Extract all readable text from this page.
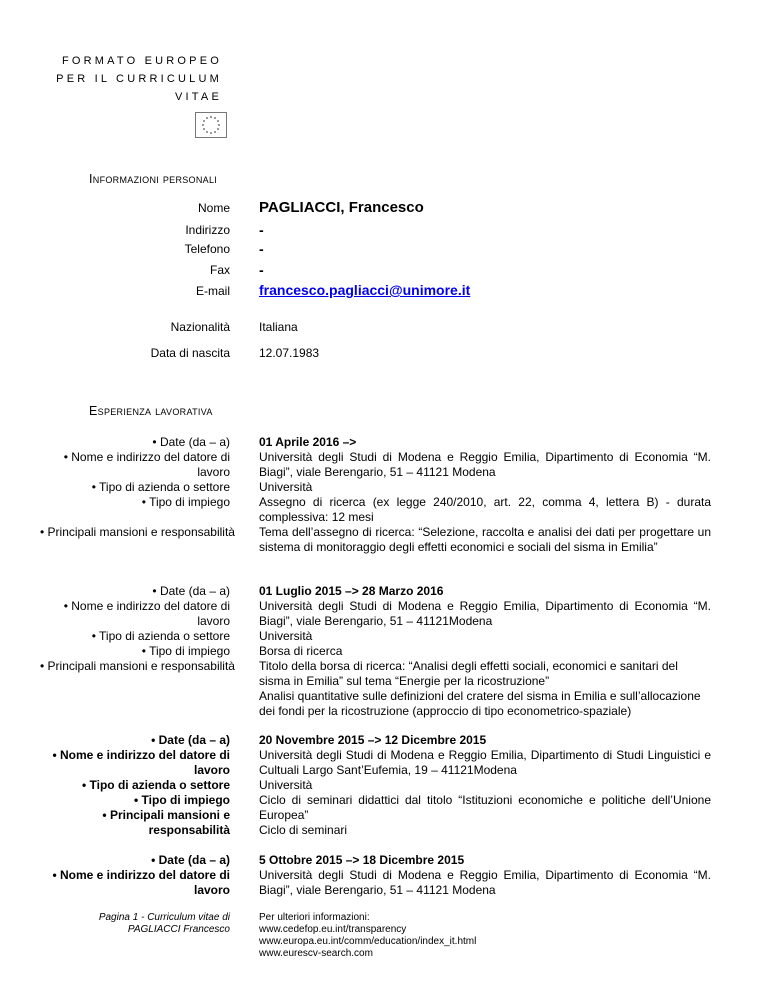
FORMATO EUROPEO
PER IL CURRICULUM
VITAE
Informazioni personali
Nome PAGLIACCI, Francesco
Indirizzo -
Telefono -
Fax -
E-mail francesco.pagliacci@unimore.it
Nazionalità Italiana
Data di nascita 12.07.1983
Esperienza lavorativa
• Date (da – a)
• Nome e indirizzo del datore di
lavoro
• Tipo di azienda o settore
• Tipo di impiego
• Principali mansioni e responsabilità
01 Aprile 2016 –>
Università degli Studi di Modena e Reggio Emilia, Dipartimento di Economia “M. Biagi”, viale Berengario, 51 – 41121 Modena
Università
Assegno di ricerca (ex legge 240/2010, art. 22, comma 4, lettera B) - durata complessiva: 12 mesi
Tema dell’assegno di ricerca: “Selezione, raccolta e analisi dei dati per progettare un sistema di monitoraggio degli effetti economici e sociali del sisma in Emilia”
• Date (da – a)
• Nome e indirizzo del datore di
lavoro
• Tipo di azienda o settore
• Tipo di impiego
• Principali mansioni e responsabilità
01 Luglio 2015 –> 28 Marzo 2016
Università degli Studi di Modena e Reggio Emilia, Dipartimento di Economia “M. Biagi”, viale Berengario, 51 – 41121Modena
Università
Borsa di ricerca
Titolo della borsa di ricerca: “Analisi degli effetti sociali, economici e sanitari del sisma in Emilia” sul tema “Energie per la ricostruzione”
Analisi quantitative sulle definizioni del cratere del sisma in Emilia e sull’allocazione dei fondi per la ricostruzione (approccio di tipo econometrico-spaziale)
• Date (da – a)
• Nome e indirizzo del datore di
lavoro
• Tipo di azienda o settore
• Tipo di impiego
• Principali mansioni e
responsabilità
20 Novembre 2015 –> 12 Dicembre 2015
Università degli Studi di Modena e Reggio Emilia, Dipartimento di Studi Linguistici e Cultuali Largo Sant’Eufemia, 19 – 41121Modena
Università
Ciclo di seminari didattici dal titolo “Istituzioni economiche e politiche dell’Unione Europea”
Ciclo di seminari
• Date (da – a)
• Nome e indirizzo del datore di
lavoro
5 Ottobre 2015 –> 18 Dicembre 2015
Università degli Studi di Modena e Reggio Emilia, Dipartimento di Economia “M. Biagi”, viale Berengario, 51 – 41121 Modena
Pagina 1 - Curriculum vitae di
PAGLIACCI Francesco
Per ulteriori informazioni:
www.cedefop.eu.int/transparency
www.europa.eu.int/comm/education/index_it.html
www.eurescv-search.com
